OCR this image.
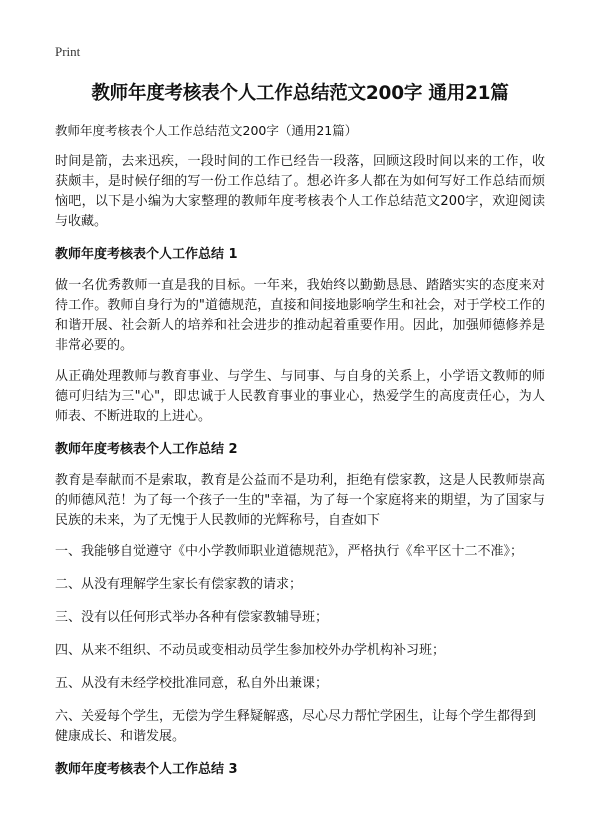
Print
教师年度考核表个人工作总结范文200字 通用21篇
教师年度考核表个人工作总结范文200字（通用21篇）

时间是箭，去来迅疾，一段时间的工作已经告一段落，回顾这段时间以来的工作，收获颇丰，是时候仔细的写一份工作总结了。想必许多人都在为如何写好工作总结而烦恼吧，以下是小编为大家整理的教师年度考核表个人工作总结范文200字，欢迎阅读与收藏。

教师年度考核表个人工作总结 1

做一名优秀教师一直是我的目标。一年来，我始终以勤勤恳恳、踏踏实实的态度来对待工作。教师自身行为的"道德规范，直接和间接地影响学生和社会，对于学校工作的和谐开展、社会新人的培养和社会进步的推动起着重要作用。因此，加强师德修养是非常必要的。

从正确处理教师与教育事业、与学生、与同事、与自身的关系上，小学语文教师的师德可归结为三"心"，即忠诚于人民教育事业的事业心，热爱学生的高度责任心，为人师表、不断进取的上进心。

教师年度考核表个人工作总结 2

教育是奉献而不是索取，教育是公益而不是功利，拒绝有偿家教，这是人民教师崇高的师德风范！为了每一个孩子一生的"幸福，为了每一个家庭将来的期望，为了国家与民族的未来，为了无愧于人民教师的光辉称号，自查如下

一、我能够自觉遵守《中小学教师职业道德规范》，严格执行《牟平区十二不准》；

二、从没有理解学生家长有偿家教的请求；

三、没有以任何形式举办各种有偿家教辅导班；

四、从来不组织、不动员或变相动员学生参加校外办学机构补习班；

五、从没有未经学校批准同意，私自外出兼课；

六、关爱每个学生，无偿为学生释疑解惑，尽心尽力帮忙学困生，让每个学生都得到健康成长、和谐发展。

教师年度考核表个人工作总结 3
